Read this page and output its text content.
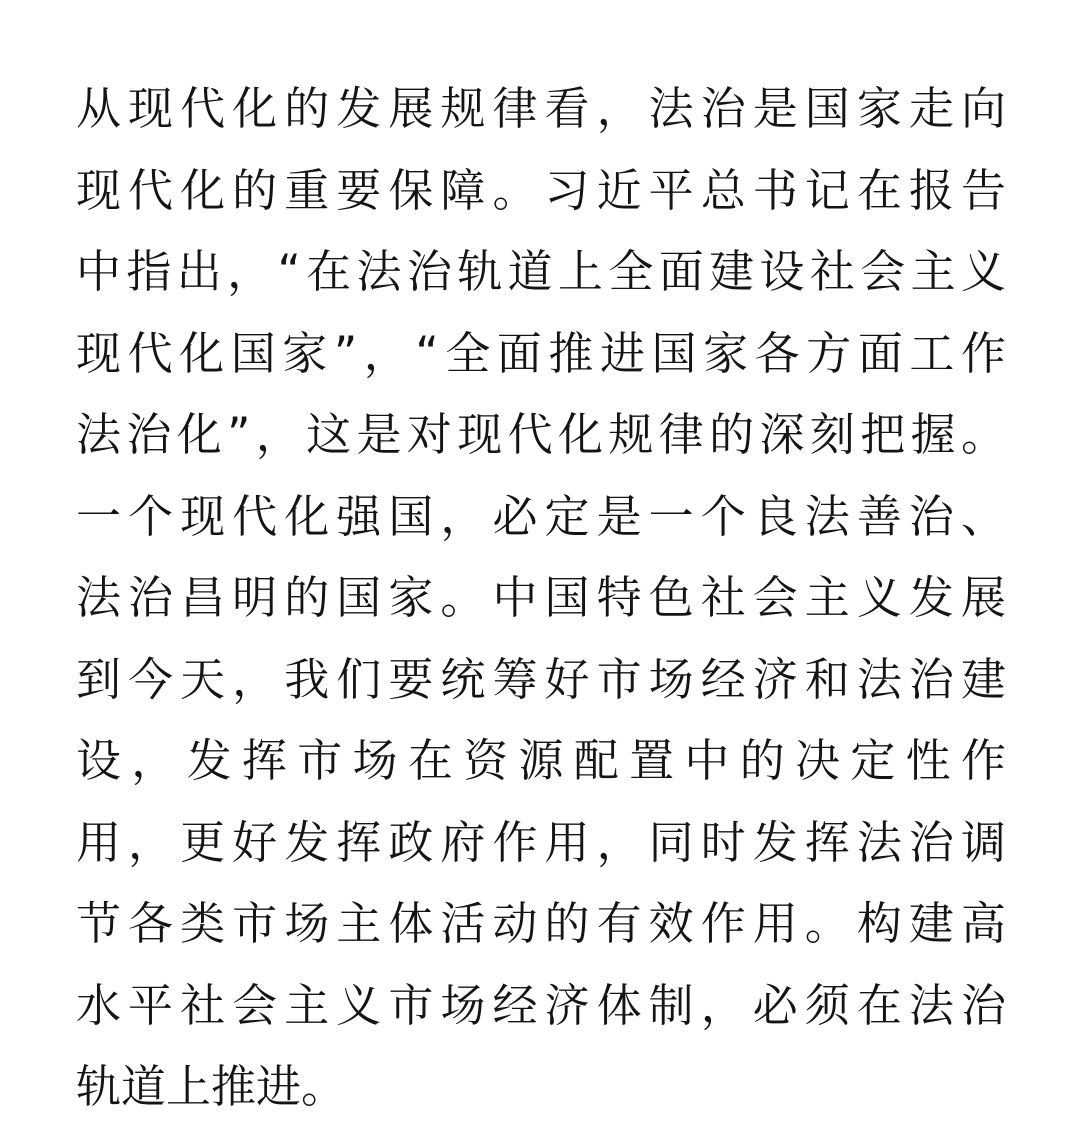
从现代化的发展规律看，法治是国家走向
现代化的重要保障。习近平总书记在报告
中指出，“在法治轨道上全面建设社会主义
现代化国家”，“全面推进国家各方面工作
法治化”，这是对现代化规律的深刻把握。
一个现代化强国，必定是一个良法善治、
法治昌明的国家。中国特色社会主义发展
到今天，我们要统筹好市场经济和法治建
设，发挥市场在资源配置中的决定性作
用，更好发挥政府作用，同时发挥法治调
节各类市场主体活动的有效作用。构建高
水平社会主义市场经济体制，必须在法治
轨道上推进。
